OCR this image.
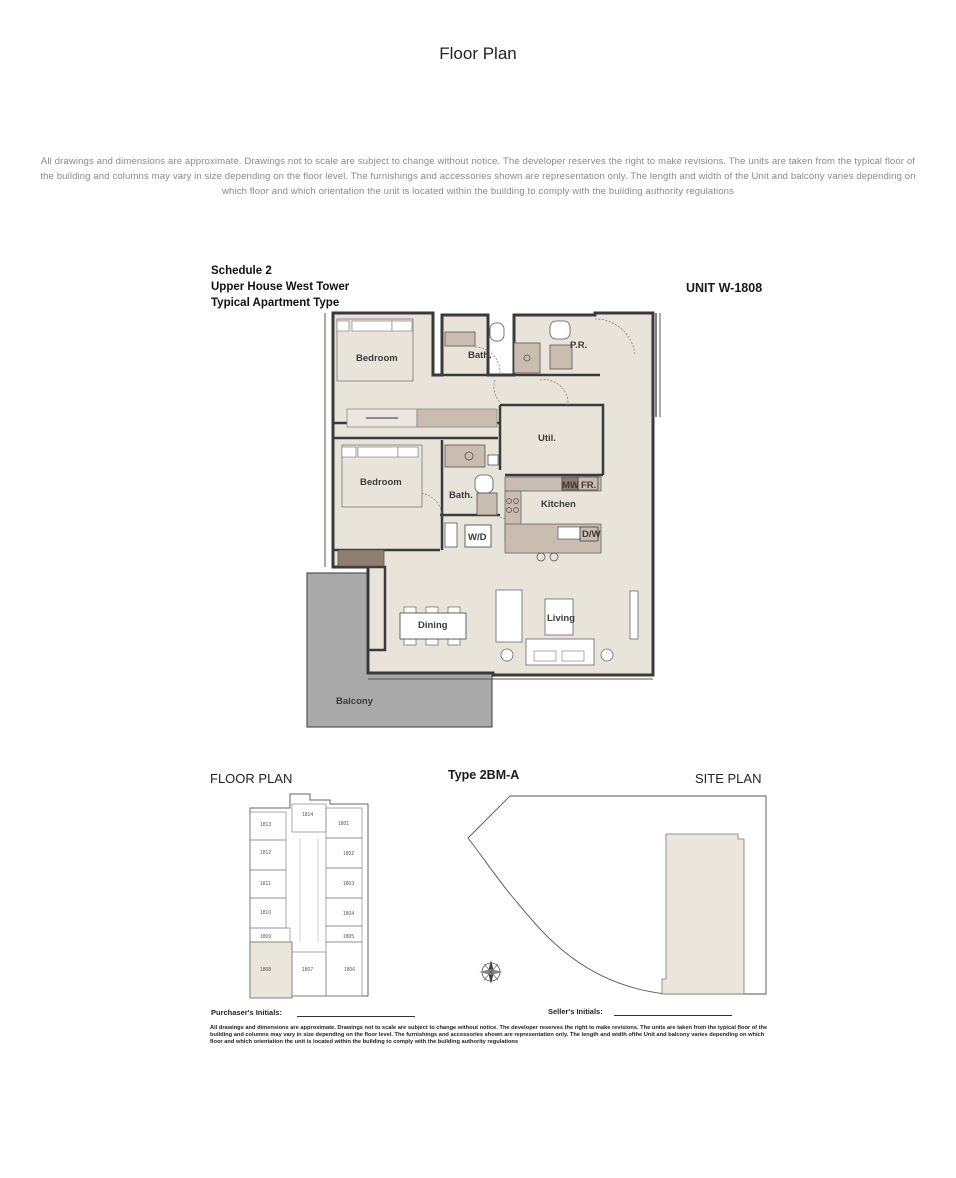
Floor Plan
All drawings and dimensions are approximate. Drawings not to scale are subject to change without notice. The developer reserves the right to make revisions. The units are taken from the typical floor of the building and columns may vary in size depending on the floor level. The furnishings and accessories shown are representation only. The length and width of the Unit and balcony varies depending on which floor and which orientation the unit is located within the building to comply with the building authority regulations
Schedule 2
Upper House West Tower
Typical Apartment Type
UNIT W-1808
Bedroom
Bedroom
Bath.
Bath.
P.R.
W/D
Util.
MW FR.
D/W
Kitchen
Dining
Living
Balcony
FLOOR PLAN	Type 2BM-A	SITE PLAN
1814
1801
1813
1812	1802
1811	1803
1810	1804
1809	1805
1808	1807	1806
Purchaser's Initials:	Seller's Initials:
All drawings and dimensions are approximate. Drawings not to scale are subject to change without notice. The developer reserves the right to make revisions. The units are taken from the typical floor of the building and columns may vary in size depending on the floor level. The furnishings and accessories shown are representation only. The length and width ofthe Unit and balcony varies depending on which floor and which orientation the unit is located within the building to comply with the building authority regulations
